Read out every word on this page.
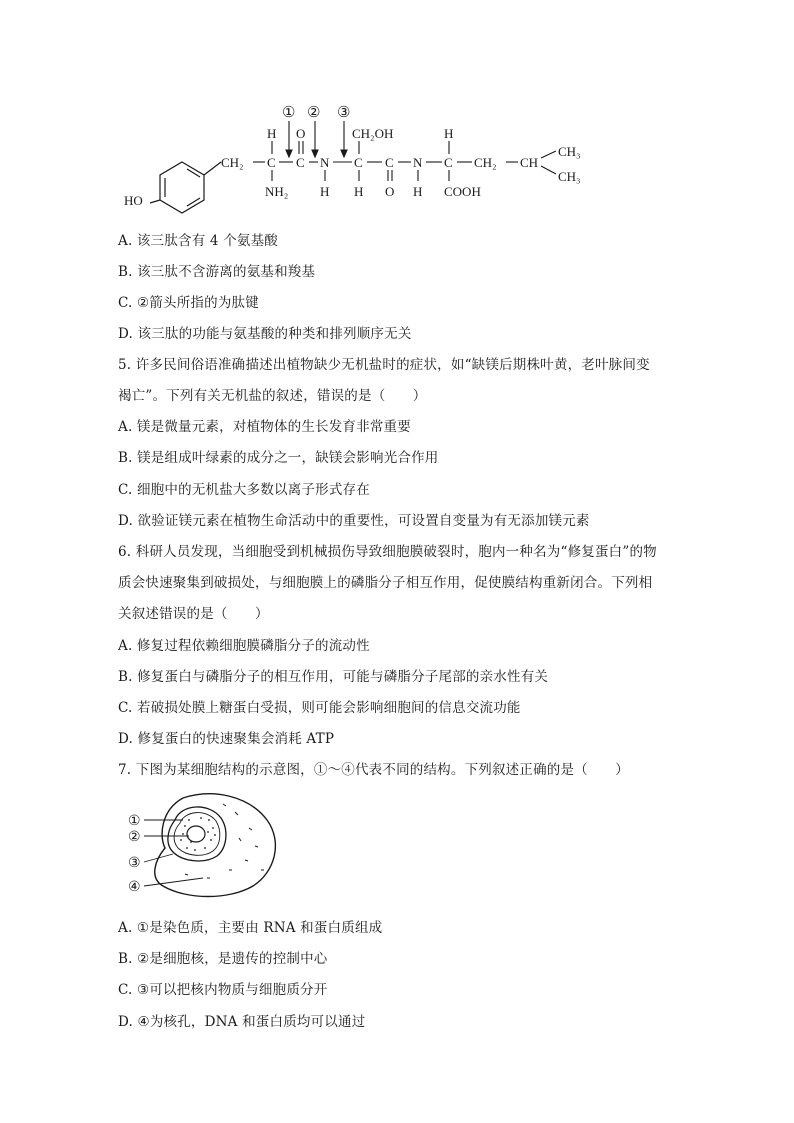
HO
CH₂ C
H
NH₂
C
O
N
H
C
CH₂OH
H
C
O
N
H
C
H
COOH
CH₂ CH
CH₃
CH₃
① ② ③
A. 该三肽含有 4 个氨基酸
B. 该三肽不含游离的氨基和羧基
C. ②箭头所指的为肽键
D. 该三肽的功能与氨基酸的种类和排列顺序无关
5. 许多民间俗语准确描述出植物缺少无机盐时的症状，如“缺镁后期株叶黄，老叶脉间变
褐亡”。下列有关无机盐的叙述，错误的是（　　）
A. 镁是微量元素，对植物体的生长发育非常重要
B. 镁是组成叶绿素的成分之一，缺镁会影响光合作用
C. 细胞中的无机盐大多数以离子形式存在
D. 欲验证镁元素在植物生命活动中的重要性，可设置自变量为有无添加镁元素
6. 科研人员发现，当细胞受到机械损伤导致细胞膜破裂时，胞内一种名为“修复蛋白”的物
质会快速聚集到破损处，与细胞膜上的磷脂分子相互作用，促使膜结构重新闭合。下列相
关叙述错误的是（　　）
A. 修复过程依赖细胞膜磷脂分子的流动性
B. 修复蛋白与磷脂分子的相互作用，可能与磷脂分子尾部的亲水性有关
C. 若破损处膜上糖蛋白受损，则可能会影响细胞间的信息交流功能
D. 修复蛋白的快速聚集会消耗 ATP
7. 下图为某细胞结构的示意图，①～④代表不同的结构。下列叙述正确的是（　　）
①
②
③
④
A. ①是染色质，主要由 RNA 和蛋白质组成
B. ②是细胞核，是遗传的控制中心
C. ③可以把核内物质与细胞质分开
D. ④为核孔，DNA 和蛋白质均可以通过
